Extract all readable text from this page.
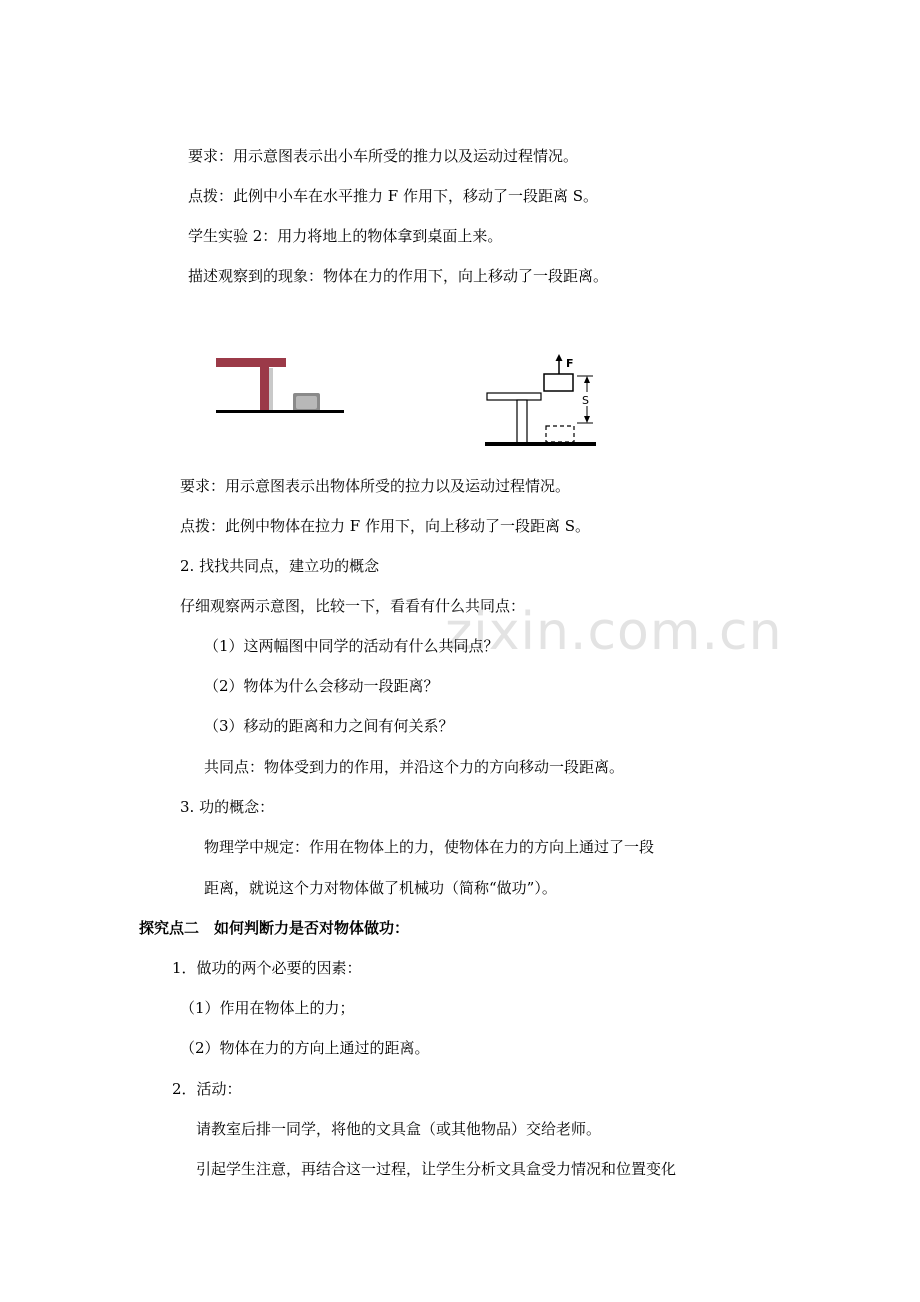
要求：用示意图表示出小车所受的推力以及运动过程情况。
点拨：此例中小车在水平推力 F 作用下，移动了一段距离 S。
学生实验 2：用力将地上的物体拿到桌面上来。
描述观察到的现象：物体在力的作用下，向上移动了一段距离。
F
S
要求：用示意图表示出物体所受的拉力以及运动过程情况。
点拨：此例中物体在拉力 F 作用下，向上移动了一段距离 S。
2. 找找共同点，建立功的概念
仔细观察两示意图，比较一下，看看有什么共同点：
zixin.com.cn
（1）这两幅图中同学的活动有什么共同点？
（2）物体为什么会移动一段距离？
（3）移动的距离和力之间有何关系？
共同点：物体受到力的作用，并沿这个力的方向移动一段距离。
3. 功的概念：
物理学中规定：作用在物体上的力，使物体在力的方向上通过了一段
距离，就说这个力对物体做了机械功（简称“做功”）。
探究点二　如何判断力是否对物体做功：
1．做功的两个必要的因素：
（1）作用在物体上的力；
（2）物体在力的方向上通过的距离。
2．活动：
请教室后排一同学，将他的文具盒（或其他物品）交给老师。
引起学生注意，再结合这一过程，让学生分析文具盒受力情况和位置变化
